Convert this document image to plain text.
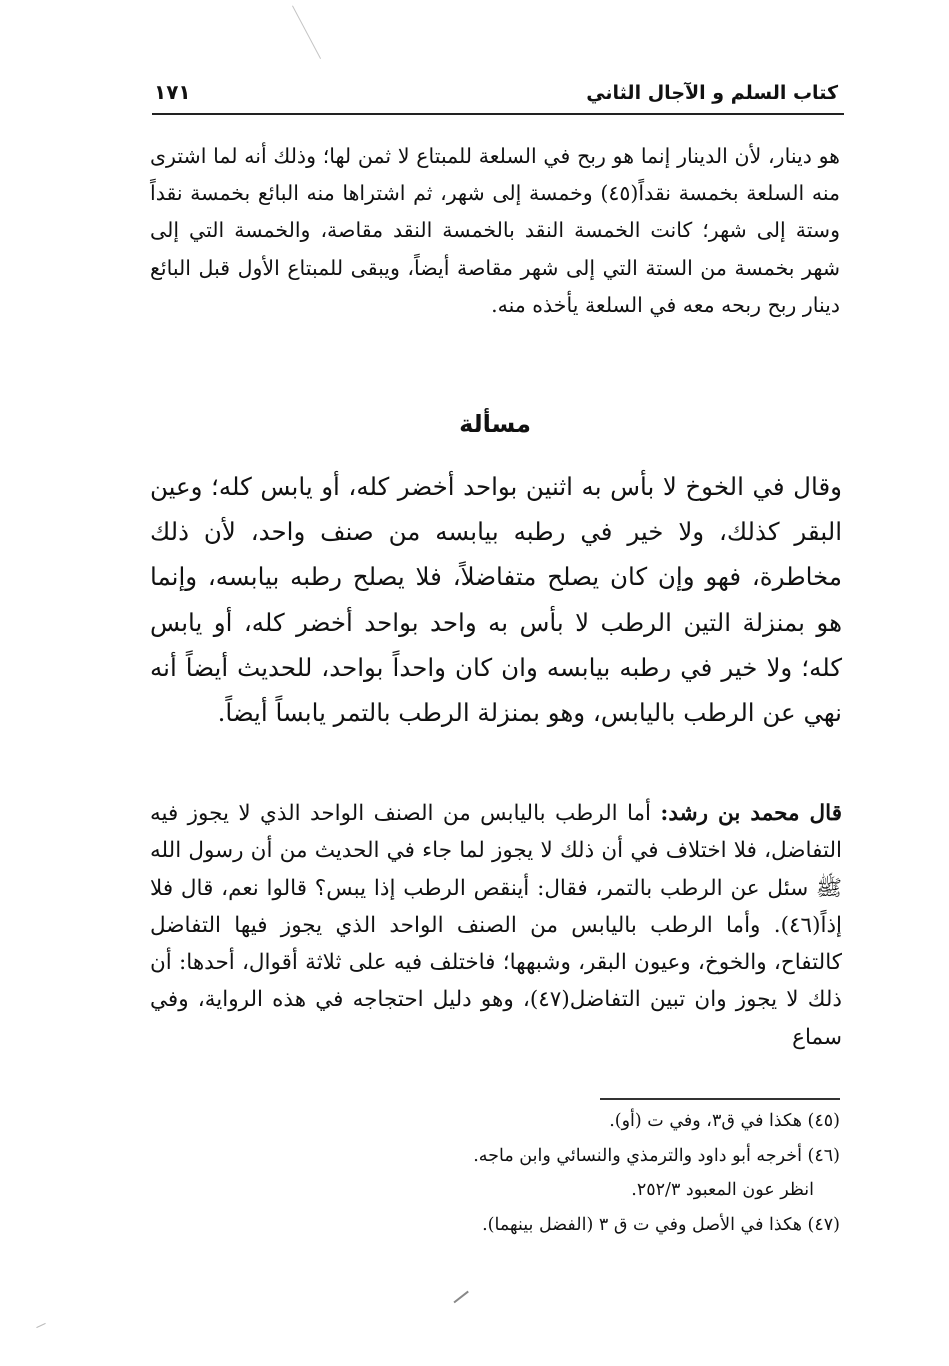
كتاب السلم و الآجال الثاني
١٧١

هو دينار، لأن الدينار إنما هو ربح في السلعة للمبتاع لا ثمن لها؛ وذلك أنه لما اشترى منه السلعة بخمسة نقداً(٤٥) وخمسة إلى شهر، ثم اشتراها منه البائع بخمسة نقداً وستة إلى شهر؛ كانت الخمسة النقد بالخمسة النقد مقاصة، والخمسة التي إلى شهر بخمسة من الستة التي إلى شهر مقاصة أيضاً، ويبقى للمبتاع الأول قبل البائع دينار ربح ربحه معه في السلعة يأخذه منه.

مسألة

وقال في الخوخ لا بأس به اثنين بواحد أخضر كله، أو يابس كله؛ وعين البقر كذلك، ولا خير في رطبه بيابسه من صنف واحد، لأن ذلك مخاطرة، فهو وإن كان يصلح متفاضلاً، فلا يصلح رطبه بيابسه، وإنما هو بمنزلة التين الرطب لا بأس به واحد بواحد أخضر كله، أو يابس كله؛ ولا خير في رطبه بيابسه وان كان واحداً بواحد، للحديث أيضاً أنه نهي عن الرطب باليابس، وهو بمنزلة الرطب بالتمر يابساً أيضاً.

قال محمد بن رشد: أما الرطب باليابس من الصنف الواحد الذي لا يجوز فيه التفاضل، فلا اختلاف في أن ذلك لا يجوز لما جاء في الحديث من أن رسول الله ﷺ سئل عن الرطب بالتمر، فقال: أينقص الرطب إذا يبس؟ قالوا نعم، قال فلا إذاً(٤٦). وأما الرطب باليابس من الصنف الواحد الذي يجوز فيها التفاضل كالتفاح، والخوخ، وعيون البقر، وشبهها؛ فاختلف فيه على ثلاثة أقوال، أحدها: أن ذلك لا يجوز وان تبين التفاضل(٤٧)، وهو دليل احتجاجه في هذه الرواية، وفي سماع

(٤٥) هكذا في ق٣، وفي ت (أو).
(٤٦) أخرجه أبو داود والترمذي والنسائي وابن ماجه.
انظر عون المعبود ٢٥٢/٣.
(٤٧) هكذا في الأصل وفي ت ق ٣ (الفضل بينهما).
